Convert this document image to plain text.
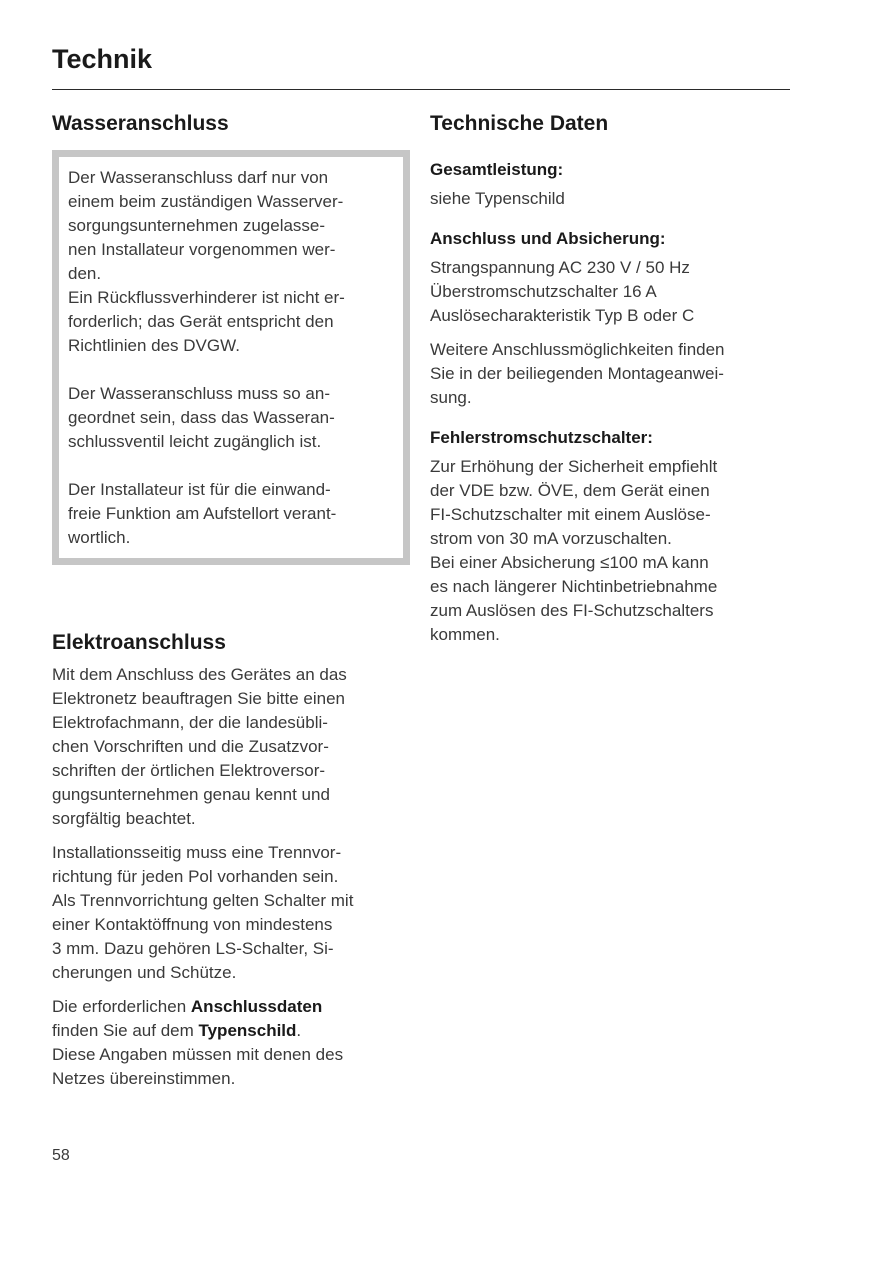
Technik
Wasseranschluss

Der Wasseranschluss darf nur von
einem beim zuständigen Wasserver-
sorgungsunternehmen zugelasse-
nen Installateur vorgenommen wer-
den.
Ein Rückflussverhinderer ist nicht er-
forderlich; das Gerät entspricht den
Richtlinien des DVGW.

Der Wasseranschluss muss so an-
geordnet sein, dass das Wasseran-
schlussventil leicht zugänglich ist.

Der Installateur ist für die einwand-
freie Funktion am Aufstellort verant-
wortlich.

Elektroanschluss

Mit dem Anschluss des Gerätes an das
Elektronetz beauftragen Sie bitte einen
Elektrofachmann, der die landesübli-
chen Vorschriften und die Zusatzvor-
schriften der örtlichen Elektroversor-
gungsunternehmen genau kennt und
sorgfältig beachtet.

Installationsseitig muss eine Trennvor-
richtung für jeden Pol vorhanden sein.
Als Trennvorrichtung gelten Schalter mit
einer Kontaktöffnung von mindestens
3 mm. Dazu gehören LS-Schalter, Si-
cherungen und Schütze.

Die erforderlichen Anschlussdaten
finden Sie auf dem Typenschild.
Diese Angaben müssen mit denen des
Netzes übereinstimmen.

Technische Daten
Gesamtleistung:

siehe Typenschild

Anschluss und Absicherung:

Strangspannung AC 230 V / 50 Hz
Überstromschutzschalter 16 A
Auslösecharakteristik Typ B oder C

Weitere Anschlussmöglichkeiten finden
Sie in der beiliegenden Montageanwei-
sung.

Fehlerstromschutzschalter:

Zur Erhöhung der Sicherheit empfiehlt
der VDE bzw. ÖVE, dem Gerät einen
FI-Schutzschalter mit einem Auslöse-
strom von 30 mA vorzuschalten.
Bei einer Absicherung ≤100 mA kann
es nach längerer Nichtinbetriebnahme
zum Auslösen des FI-Schutzschalters
kommen.

58
